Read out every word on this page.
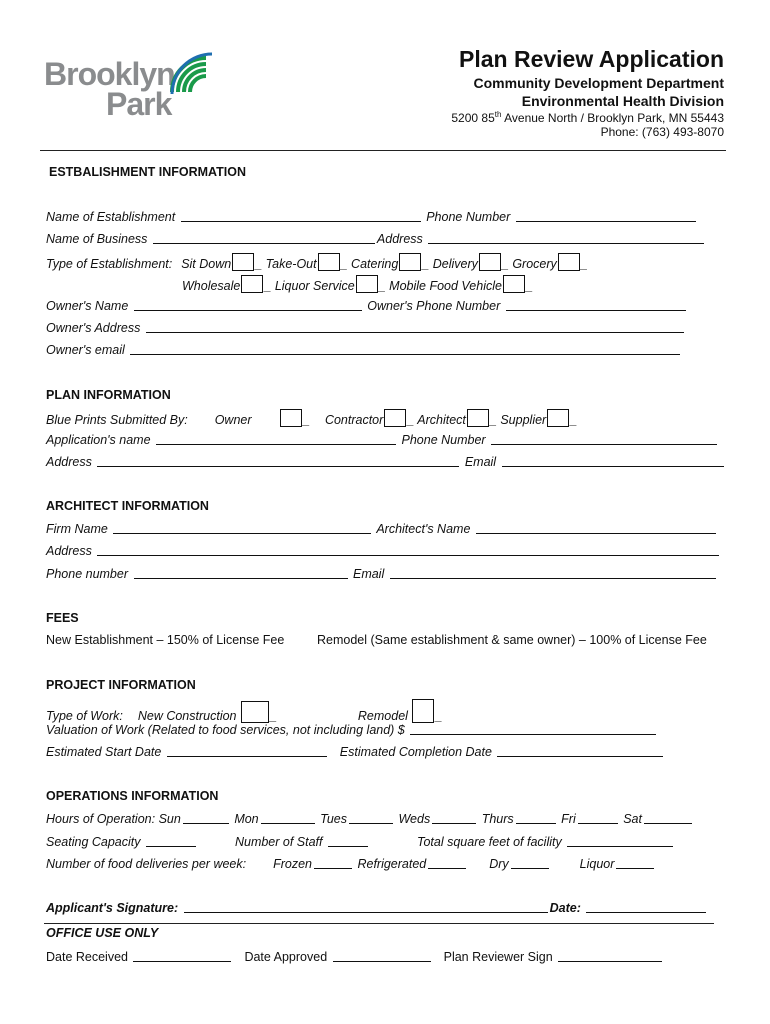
Brooklyn
Park
Plan Review Application
Community Development Department
Environmental Health Division
5200 85th Avenue North / Brooklyn Park, MN 55443
Phone: (763) 493-8070
ESTBALISHMENT INFORMATION
Name of Establishment	Phone Number
Name of Business	Address
Type of Establishment: Sit Down _ Take-Out _ Catering _ Delivery _ Grocery _
Wholesale _ Liquor Service _ Mobile Food Vehicle _
Owner's Name	Owner's Phone Number
Owner's Address
Owner's email
PLAN INFORMATION
Blue Prints Submitted By: Owner	_  Contractor _ Architect _ Supplier _
Application's name	Phone Number
Address	Email
ARCHITECT INFORMATION
Firm Name	Architect's Name
Address
Phone number	Email
FEES
New Establishment – 150% of License Fee	Remodel (Same establishment & same owner) – 100% of License Fee
PROJECT INFORMATION
Type of Work: New Construction	_	Remodel _
Valuation of Work (Related to food services, not including land) $
Estimated Start Date	Estimated Completion Date
OPERATIONS INFORMATION
Hours of Operation: Sun	Mon	Tues	Weds	Thurs	Fri	Sat
Seating Capacity	Number of Staff	Total square feet of facility
Number of food deliveries per week: Frozen	Refrigerated	Dry	Liquor
Applicant's Signature:	Date:
OFFICE USE ONLY
Date Received	Date Approved	Plan Reviewer Sign
